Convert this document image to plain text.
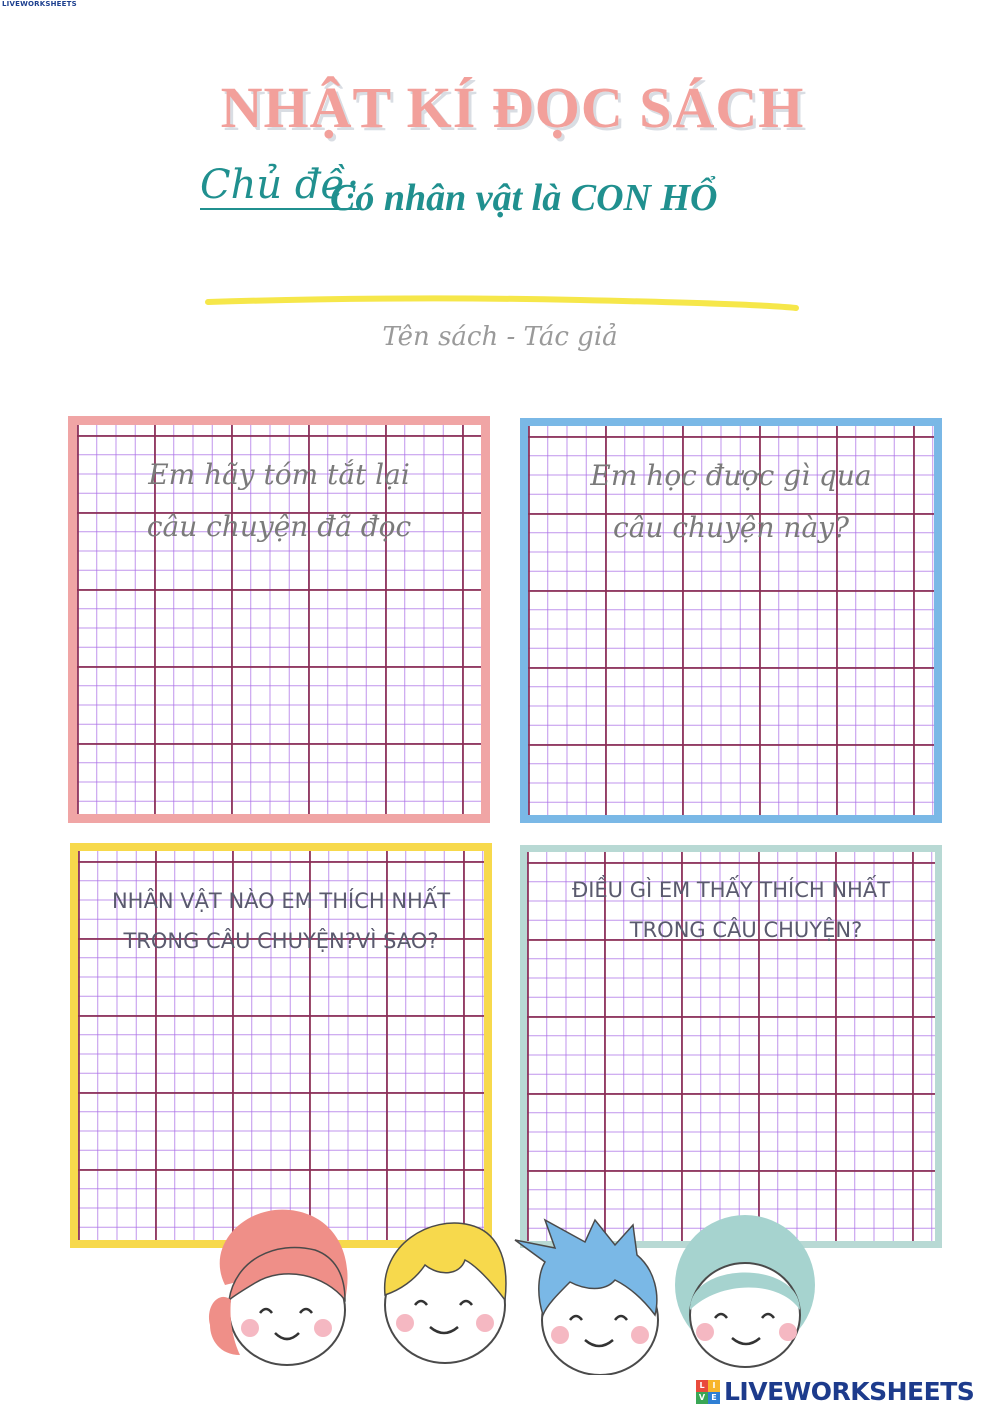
LIVEWORKSHEETS
NHẬT KÍ ĐỌC SÁCH
Chủ đề:
Có nhân vật là CON HỔ
Tên sách - Tác giả
Em hãy tóm tắt lại
câu chuyện đã đọc
Em học được gì qua
câu chuyện này?
NHÂN VẬT NÀO EM THÍCH NHẤT
TRONG CÂU CHUYỆN?VÌ SAO?
ĐIỀU GÌ EM THẤY THÍCH NHẤT
TRONG CÂU CHUYỆN?
L I
V E LIVEWORKSHEETS
